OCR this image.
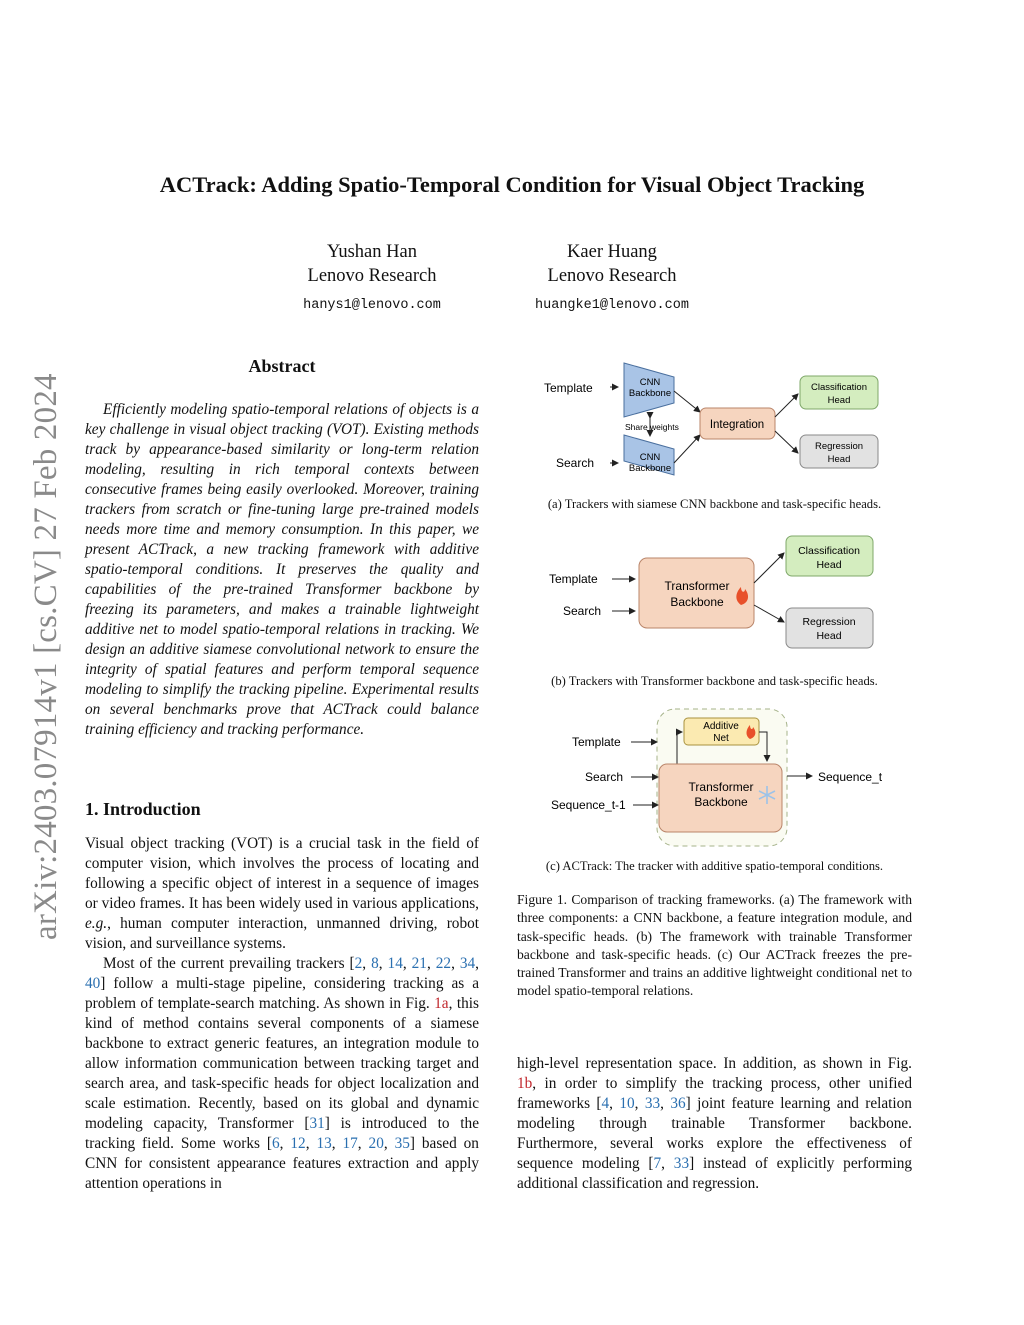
arXiv:2403.07914v1 [cs.CV] 27 Feb 2024
ACTrack: Adding Spatio-Temporal Condition for Visual Object Tracking
Yushan Han
Lenovo Research
hanys1@lenovo.com
Kaer Huang
Lenovo Research
huangke1@lenovo.com
Abstract
Efficiently modeling spatio-temporal relations of objects is a key challenge in visual object tracking (VOT). Existing methods track by appearance-based similarity or long-term relation modeling, resulting in rich temporal contexts between consecutive frames being easily overlooked. Moreover, training trackers from scratch or fine-tuning large pre-trained models needs more time and memory consumption. In this paper, we present ACTrack, a new tracking framework with additive spatio-temporal conditions. It preserves the quality and capabilities of the pre-trained Transformer backbone by freezing its parameters, and makes a trainable lightweight additive net to model spatio-temporal relations in tracking. We design an additive siamese convolutional network to ensure the integrity of spatial features and perform temporal sequence modeling to simplify the tracking pipeline. Experimental results on several benchmarks prove that ACTrack could balance training efficiency and tracking performance.
1. Introduction

Visual object tracking (VOT) is a crucial task in the field of computer vision, which involves the process of locating and following a specific object of interest in a sequence of images or video frames. It has been widely used in various applications, e.g., human computer interaction, unmanned driving, robot vision, and surveillance systems.

Most of the current prevailing trackers [2, 8, 14, 21, 22, 34, 40] follow a multi-stage pipeline, considering tracking as a problem of template-search matching. As shown in Fig. 1a, this kind of method contains several components of a siamese backbone to extract generic features, an integration module to allow information communication between tracking target and search area, and task-specific heads for object localization and scale estimation. Recently, based on its global and dynamic modeling capacity, Transformer [31] is introduced to the tracking field. Some works [6, 12, 13, 17, 20, 35] based on CNN for consistent appearance features extraction and apply attention operations in

Template
Search
CNN
Backbone
CNN
Backbone
Share weights	Integration
Classification
Head
Regression
Head
(a) Trackers with siamese CNN backbone and task-specific heads.
Template
Search
Transformer
Backbone
Classification
Head
Regression
Head
(b) Trackers with Transformer backbone and task-specific heads.
Template
Search
Sequence_t-1
Additive
Net
Transformer
Backbone
Sequence_t
(c) ACTrack: The tracker with additive spatio-temporal conditions.
Figure 1. Comparison of tracking frameworks. (a) The framework with three components: a CNN backbone, a feature integration module, and task-specific heads. (b) The framework with trainable Transformer backbone and task-specific heads. (c) Our ACTrack freezes the pre-trained Transformer and trains an additive lightweight conditional net to model spatio-temporal relations.

high-level representation space. In addition, as shown in Fig. 1b, in order to simplify the tracking process, other unified frameworks [4, 10, 33, 36] joint feature learning and relation modeling through trainable Transformer backbone. Furthermore, several works explore the effectiveness of sequence modeling [7, 33] instead of explicitly performing additional classification and regression.
